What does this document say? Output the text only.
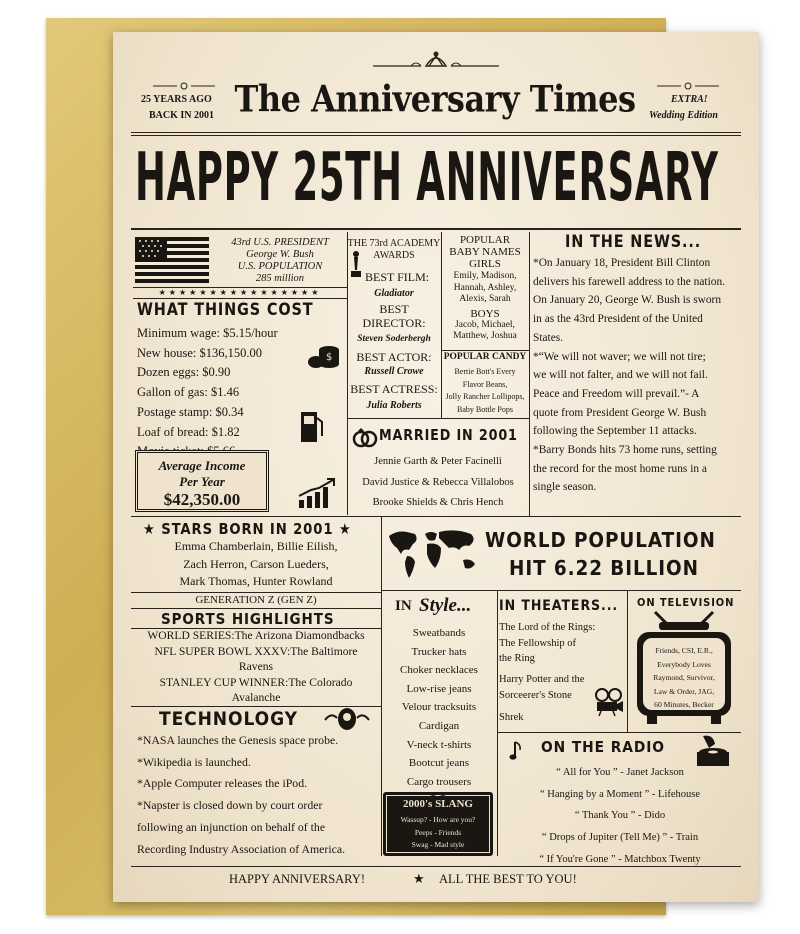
25 YEARS AGO
BACK IN 2001 The Anniversary Times	EXTRA!
Wedding Edition
HAPPY 25TH ANNIVERSARY
43rd U.S. PRESIDENT
George W. Bush
U.S. POPULATION
285 million
★★★★★★★★★★★★★★★★
WHAT THINGS COST
Minimum wage: $5.15/hour
New house: $136,150.00
Dozen eggs: $0.90
Gallon of gas: $1.46
Postage stamp: $0.34
Loaf of bread: $1.82
$
Average Income
Per Year
$42,350.00
THE 73rd ACADEMY
AWARDS
BEST FILM:
Gladiator
BEST
DIRECTOR:
Steven Soderbergh
BEST ACTOR:
Russell Crowe
BEST ACTRESS:
Julia Roberts
POPULAR
BABY NAMES
GIRLS
Emily, Madison,
Hannah, Ashley,
Alexis, Sarah
BOYS
Jacob, Michael,
Matthew, Joshua
POPULAR CANDY
Bertie Bott's Every
Flavor Beans,
Jolly Rancher Lollipops,
Baby Bottle Pops
MARRIED IN 2001
Jennie Garth & Peter Facinelli
David Justice & Rebecca Villalobos
Brooke Shields & Chris Hench
IN THE NEWS...
*On January 18, President Bill Clinton
delivers his farewell address to the nation.
On January 20, George W. Bush is sworn
in as the 43rd President of the United
States.
*“We will not waver; we will not tire;
we will not falter, and we will not fail.
Peace and Freedom will prevail.”- A
quote from President George W. Bush
following the September 11 attacks.
*Barry Bonds hits 73 home runs, setting
the record for the most home runs in a
single season.
★ STARS BORN IN 2001 ★
Emma Chamberlain, Billie Eilish,
Zach Herron, Carson Lueders,
Mark Thomas, Hunter Rowland
GENERATION Z (GEN Z)
WORLD POPULATION
HIT 6.22 BILLION
SPORTS HIGHLIGHTS
WORLD SERIES:The Arizona Diamondbacks
NFL SUPER BOWL XXXV:The Baltimore
Ravens
STANLEY CUP WINNER:The Colorado
Avalanche
TECHNOLOGY
*NASA launches the Genesis space probe.
*Wikipedia is launched.
*Apple Computer releases the iPod.
*Napster is closed down by court order
following an injunction on behalf of the
Recording Industry Association of America.
IN Style...
Sweatbands
Trucker hats
Choker necklaces
Low-rise jeans
Velour tracksuits
Cardigan
V-neck t-shirts
Bootcut jeans
Cargo trousers
2000's SLANG
Wassup? - How are you?
Peeps - Friends
Swag - Mad style
IN THEATERS...
The Lord of the Rings:
The Fellowship of
the Ring
Harry Potter and the
Sorceerer's Stone
Shrek
ON TELEVISION
Friends, CSI, E.R.,
Everybody Loves
Raymond, Survivor,
Law & Order, JAG,
60 Minutes, Becker
ON THE RADIO
“ All for You ” - Janet Jackson
“ Hanging by a Moment ” - Lifehouse
“ Thank You ” - Dido
“ Drops of Jupiter (Tell Me) ” - Train
“ If You're Gone ” - Matchbox Twenty
HAPPY ANNIVERSARY!	★ ALL THE BEST TO YOU!
